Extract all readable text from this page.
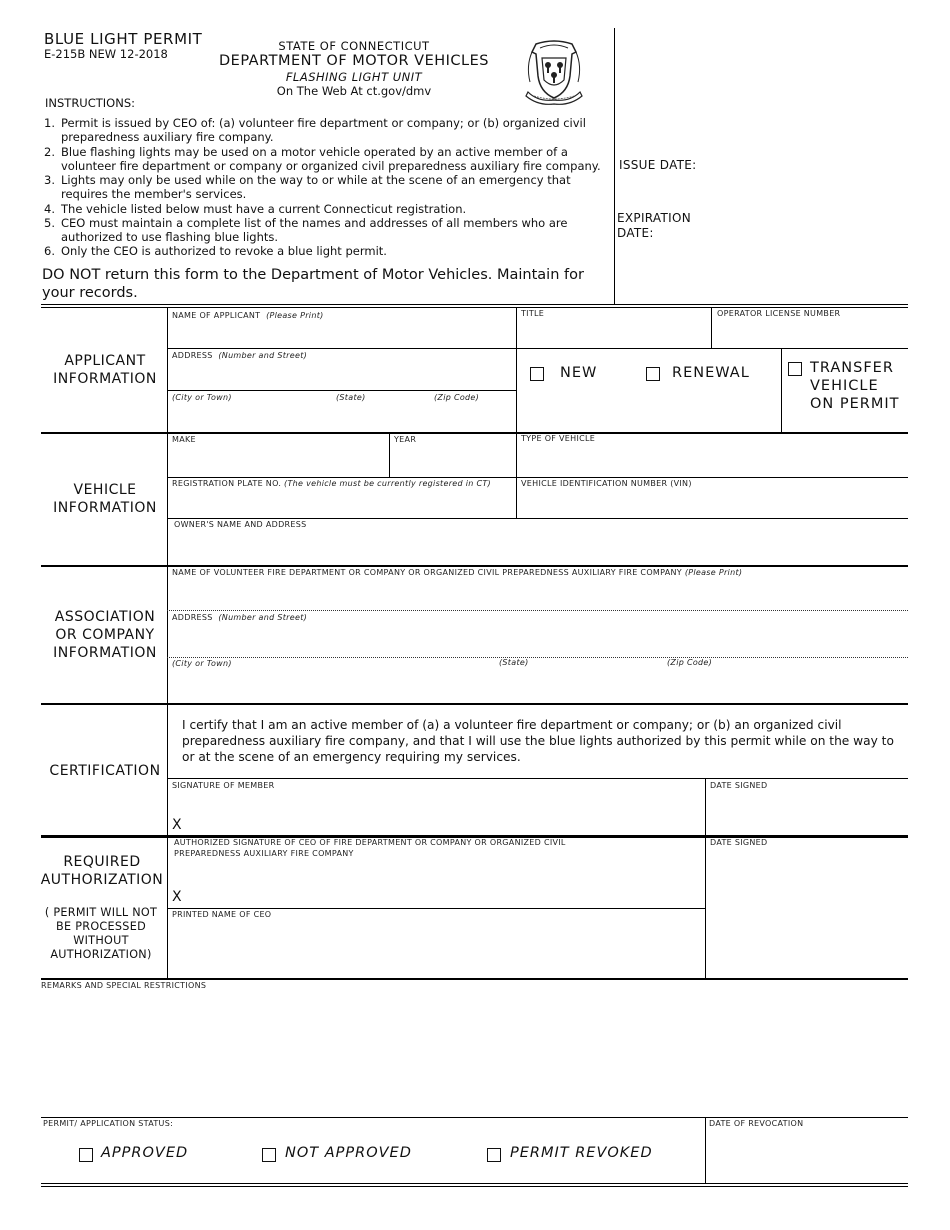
BLUE LIGHT PERMIT
E-215B NEW 12-2018
STATE OF CONNECTICUT
DEPARTMENT OF MOTOR VEHICLES
FLASHING LIGHT UNIT
On The Web At ct.gov/dmv
ISSUE DATE:
EXPIRATION DATE:
INSTRUCTIONS:
1. Permit is issued by CEO of: (a) volunteer fire department or company; or (b) organized civil preparedness auxiliary fire company.
2. Blue flashing lights may be used on a motor vehicle operated by an active member of a volunteer fire department or company or organized civil preparedness auxiliary fire company.
3. Lights may only be used while on the way to or while at the scene of an emergency that requires the member's services.
4. The vehicle listed below must have a current Connecticut registration.
5. CEO must maintain a complete list of the names and addresses of all members who are authorized to use flashing blue lights.
6. Only the CEO is authorized to revoke a blue light permit.
DO NOT return this form to the Department of Motor Vehicles. Maintain for your records.
APPLICANT INFORMATION
NAME OF APPLICANT (Please Print)	TITLE	OPERATOR LICENSE NUMBER
ADDRESS (Number and Street)
(City or Town)	(State)	(Zip Code)
NEW	RENEWAL	TRANSFER VEHICLE ON PERMIT
VEHICLE INFORMATION
MAKE	YEAR	TYPE OF VEHICLE
REGISTRATION PLATE NO. (The vehicle must be currently registered in CT)	VEHICLE IDENTIFICATION NUMBER (VIN)
OWNER'S NAME AND ADDRESS
ASSOCIATION OR COMPANY INFORMATION
NAME OF VOLUNTEER FIRE DEPARTMENT OR COMPANY OR ORGANIZED CIVIL PREPAREDNESS AUXILIARY FIRE COMPANY (Please Print)
ADDRESS (Number and Street)
(City or Town)	(State)	(Zip Code)
CERTIFICATION
I certify that I am an active member of (a) a volunteer fire department or company; or (b) an organized civil preparedness auxiliary fire company, and that I will use the blue lights authorized by this permit while on the way to or at the scene of an emergency requiring my services.
SIGNATURE OF MEMBER
X
DATE SIGNED
REQUIRED AUTHORIZATION
( PERMIT WILL NOT BE PROCESSED WITHOUT AUTHORIZATION)
AUTHORIZED SIGNATURE OF CEO OF FIRE DEPARTMENT OR COMPANY OR ORGANIZED CIVIL PREPAREDNESS AUXILIARY FIRE COMPANY
X
DATE SIGNED
PRINTED NAME OF CEO
REMARKS AND SPECIAL RESTRICTIONS
PERMIT/ APPLICATION STATUS:
APPROVED	NOT APPROVED	PERMIT REVOKED
DATE OF REVOCATION
